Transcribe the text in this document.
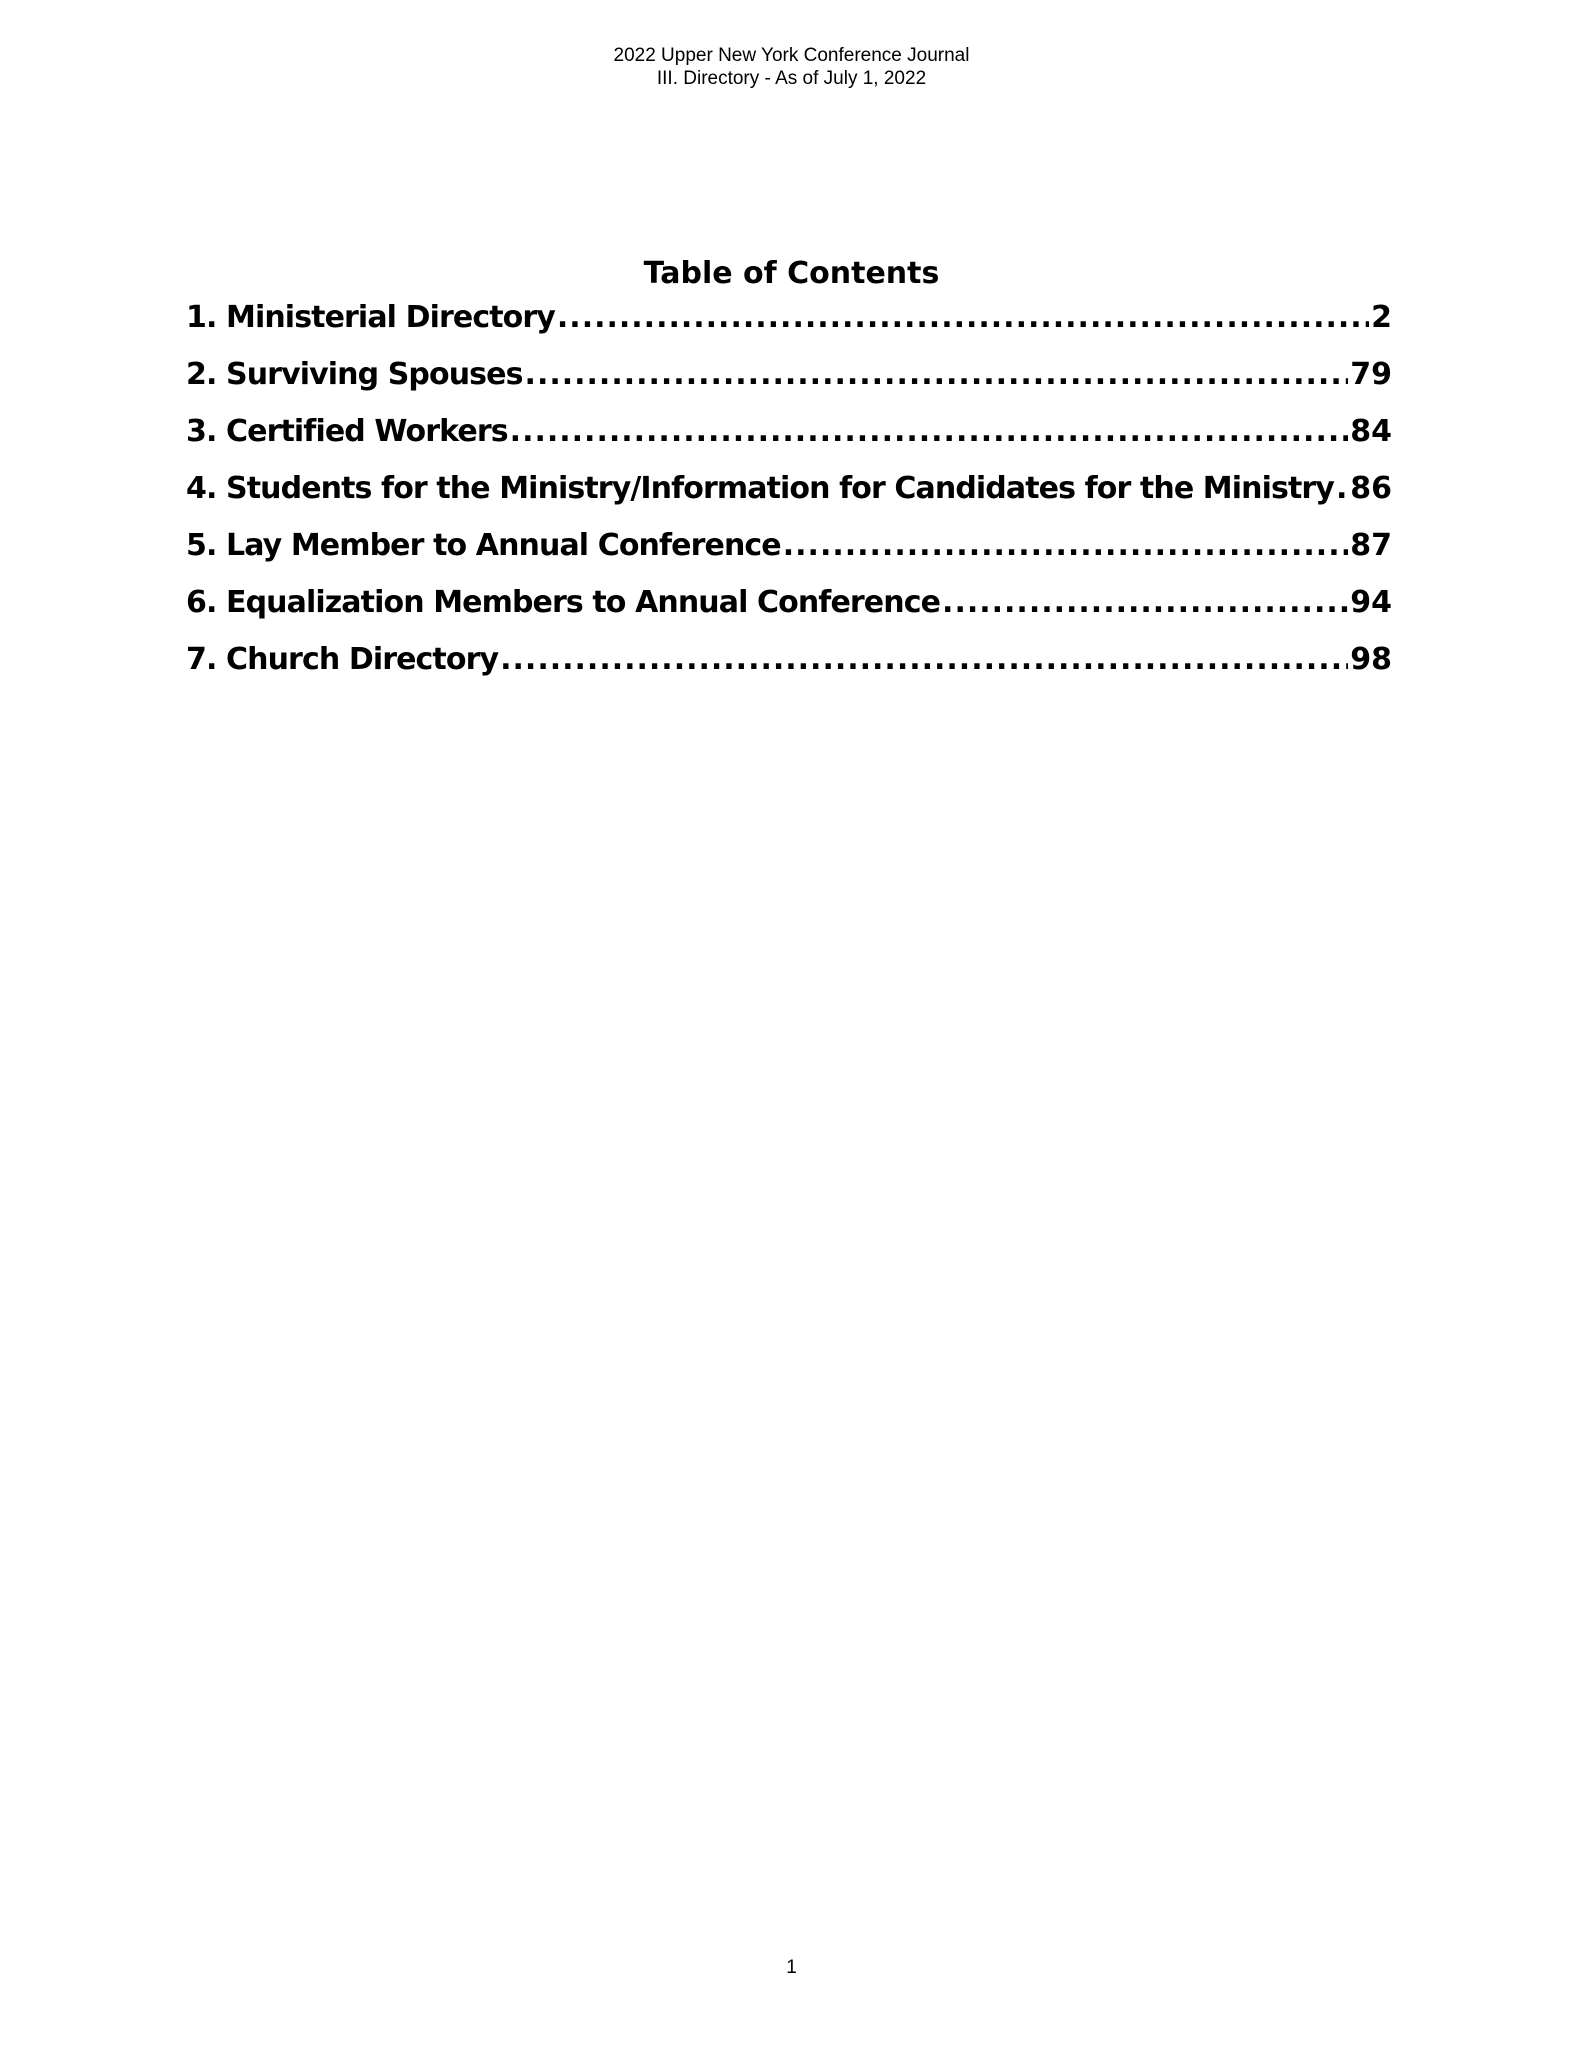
2022 Upper New York Conference Journal
III. Directory - As of July 1, 2022
Table of Contents
1. Ministerial Directory .....	2
2. Surviving Spouses .....	79
3. Certified Workers .....	84
4. Students for the Ministry/Information for Candidates for the Ministry ..... 86
5. Lay Member to Annual Conference .....	87
6. Equalization Members to Annual Conference .....	94
7. Church Directory .....	98
1
